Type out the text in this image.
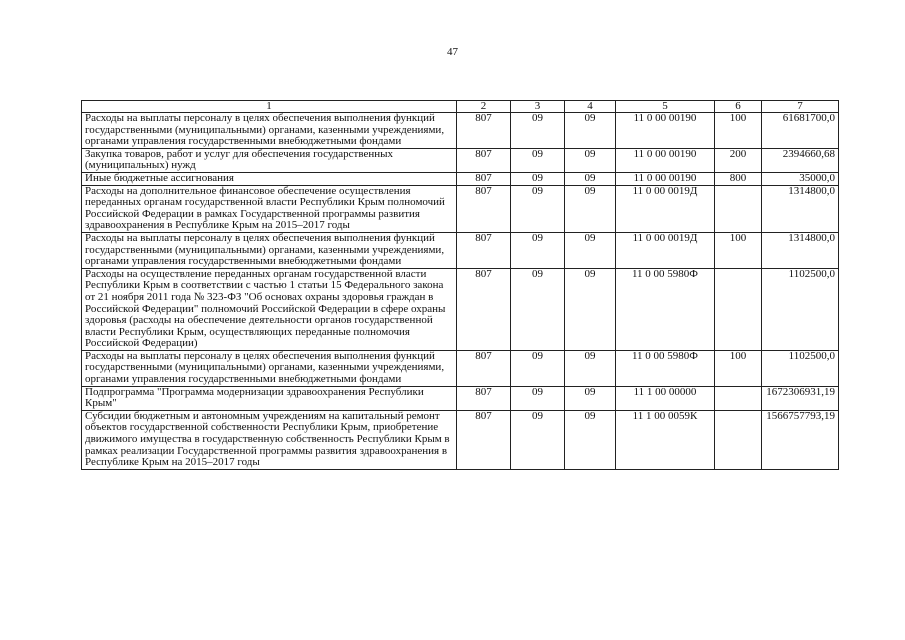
47
1	2	3	4	5	6	7
Расходы на выплаты персоналу в целях обеспечения выполнения функций государственными (муниципальными) органами, казенными учреждениями, органами управления государственными внебюджетными фондами	807	09	09	11 0 00 00190	100	61681700,0
Закупка товаров, работ и услуг для обеспечения государственных (муниципальных) нужд	807	09	09	11 0 00 00190	200	2394660,68
Иные бюджетные ассигнования	807	09	09	11 0 00 00190	800	35000,0
Расходы на дополнительное финансовое обеспечение осуществления переданных органам государственной власти Республики Крым полномочий Российской Федерации в рамках Государственной программы развития здравоохранения в Республике Крым на 2015–2017 годы	807	09	09	11 0 00 0019Д		1314800,0
Расходы на выплаты персоналу в целях обеспечения выполнения функций государственными (муниципальными) органами, казенными учреждениями, органами управления государственными внебюджетными фондами	807	09	09	11 0 00 0019Д	100	1314800,0
Расходы на осуществление переданных органам государственной власти Республики Крым в соответствии с частью 1 статьи 15 Федерального закона от 21 ноября 2011 года № 323-ФЗ "Об основах охраны здоровья граждан в Российской Федерации" полномочий Российской Федерации в сфере охраны здоровья (расходы на обеспечение деятельности органов государственной власти Республики Крым, осуществляющих переданные полномочия Российской Федерации)	807	09	09	11 0 00 5980Ф		1102500,0
Расходы на выплаты персоналу в целях обеспечения выполнения функций государственными (муниципальными) органами, казенными учреждениями, органами управления государственными внебюджетными фондами	807	09	09	11 0 00 5980Ф	100	1102500,0
Подпрограмма "Программа модернизации здравоохранения Республики Крым"	807	09	09	11 1 00 00000		1672306931,19
Субсидии бюджетным и автономным учреждениям на капитальный ремонт объектов государственной собственности Республики Крым, приобретение движимого имущества в государственную собственность Республики Крым в рамках реализации Государственной программы развития здравоохранения в Республике Крым на 2015–2017 годы	807	09	09	11 1 00 0059К		1566757793,19
